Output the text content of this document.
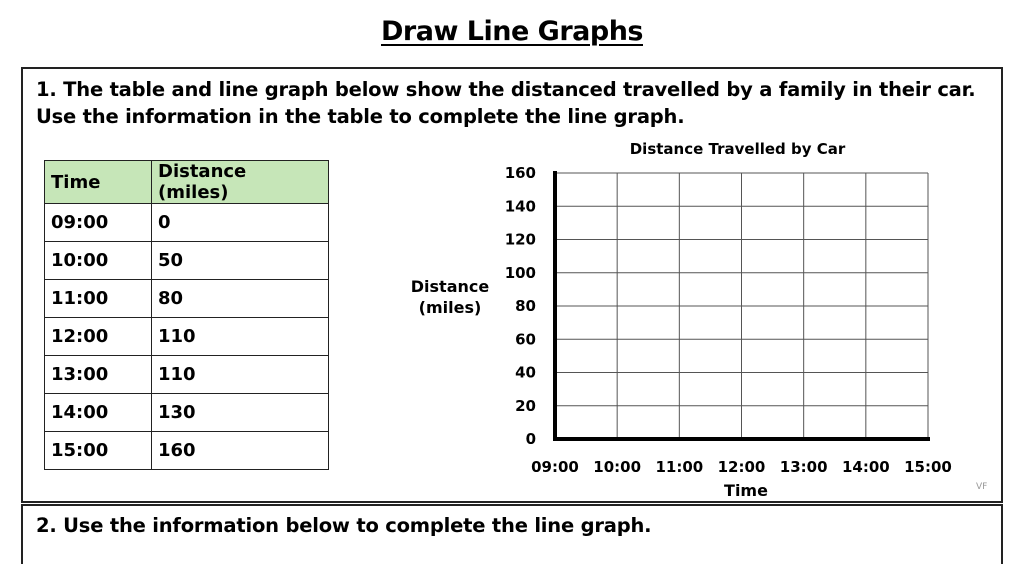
Draw Line Graphs
1. The table and line graph below show the distanced travelled by a family in their car.
Use the information in the table to complete the line graph.
Time	Distance (miles)
09:00	0
10:00	50
11:00	80
12:00	110
13:00	110
14:00	130
15:00	160
Distance Travelled by Car
Distance
(miles)
Time
0
20
40
60
80
100
120
140
160
09:00 10:00 11:00 12:00 13:00 14:00 15:00
2. Use the information below to complete the line graph.
VF
